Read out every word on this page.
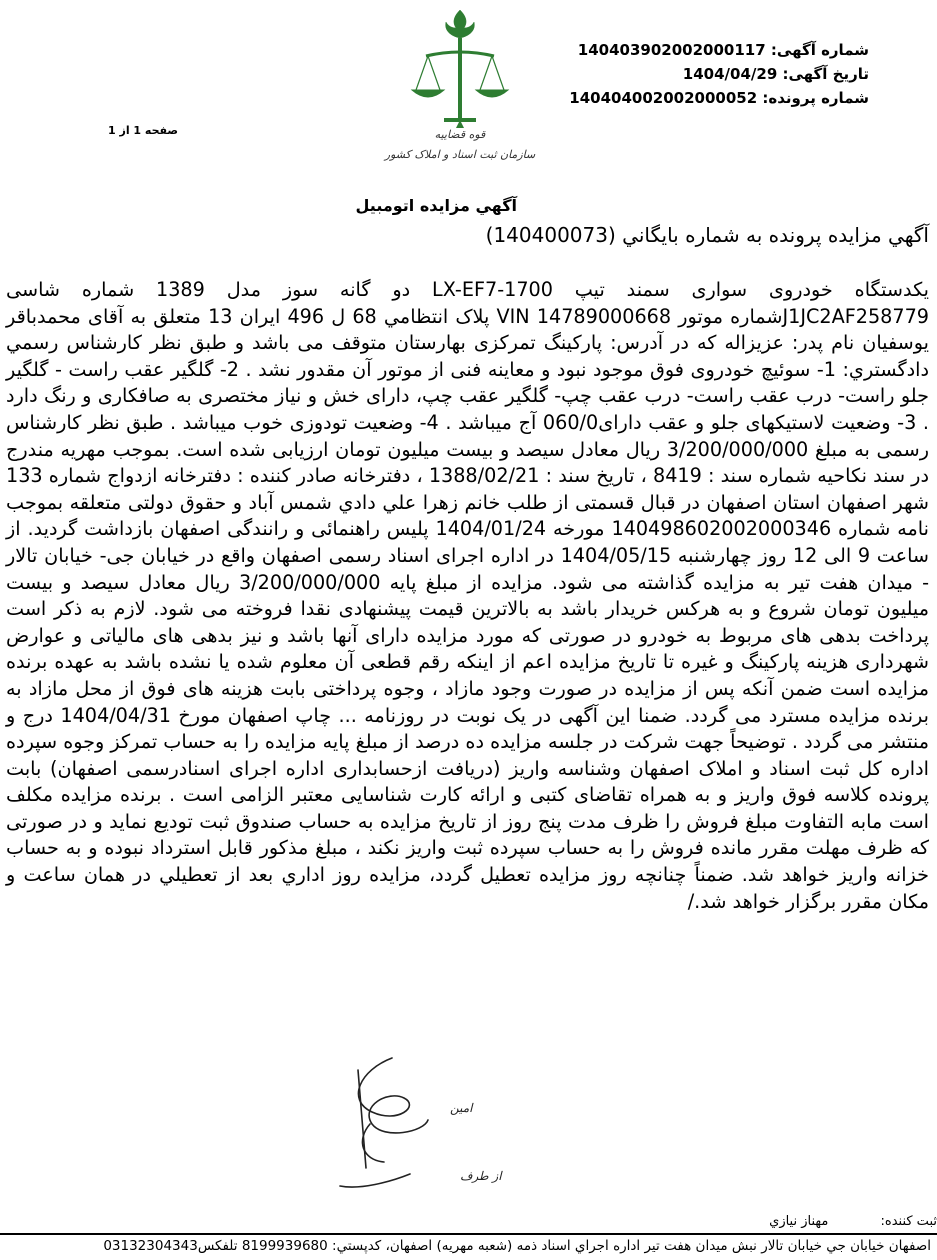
شماره آگهی: 140403902002000117
تاریخ آگهی: 1404/04/29
شماره پرونده: 140404002002000052
صفحه 1 از 1	قوه قضاییه
سازمان ثبت اسناد و املاک کشور
آگهي مزايده اتومبيل
آگهي مزايده پرونده به شماره بايگاني (140400073)
يکدستگاه خودروی سواری سمند تيپ LX-EF7-1700 دو گانه سوز مدل 1389 شماره شاسی J1JC2AF258779شماره موتور 14789000668 VIN پلاک انتظامي 68 ل 496 ايران 13 متعلق به آقای محمدباقر يوسفيان نام پدر: عزيزاله که در آدرس: پارکينگ تمرکزی بهارستان متوقف می باشد و طبق نظر کارشناس رسمي دادگستري: 1- سوئيچ خودروی فوق موجود نبود و معاينه فنی از موتور آن مقدور نشد . 2- گلگير عقب راست - گلگير جلو راست- درب عقب راست- درب عقب چپ- گلگير عقب چپ، دارای خش و نياز مختصری به صافکاری و رنگ دارد . 3- وضعيت لاستيکهای جلو و عقب دارای060/0 آج ميباشد . 4- وضعيت تودوزی خوب ميباشد . طبق نظر کارشناس رسمی به مبلغ 3/200/000/000 ريال معادل سيصد و بيست ميليون تومان ارزيابی شده است. بموجب مهريه مندرج در سند نکاحيه شماره سند : 8419 ، تاريخ سند : 1388/02/21 ، دفترخانه صادر کننده : دفترخانه ازدواج شماره 133 شهر اصفهان استان اصفهان در قبال قسمتی از طلب خانم زهرا علي دادي شمس آباد و حقوق دولتی متعلقه بموجب نامه شماره 140498602002000346 مورخه 1404/01/24 پليس راهنمائی و رانندگی اصفهان بازداشت گرديد. از ساعت 9 الی 12 روز چهارشنبه 1404/05/15 در اداره اجرای اسناد رسمی اصفهان واقع در خيابان جی- خيابان تالار - ميدان هفت تير به مزايده گذاشته می شود. مزايده از مبلغ پايه 3/200/000/000 ريال معادل سيصد و بيست ميليون تومان شروع و به هرکس خريدار باشد به بالاترين قيمت پيشنهادی نقدا فروخته می شود. لازم به ذکر است پرداخت بدهی های مربوط به خودرو در صورتی که مورد مزايده دارای آنها باشد و نيز بدهی های مالياتی و عوارض شهرداری هزينه پارکينگ و غيره تا تاريخ مزايده اعم از اينکه رقم قطعی آن معلوم شده يا نشده باشد به عهده برنده مزايده است ضمن آنکه پس از مزايده در صورت وجود مازاد ، وجوه پرداختی بابت هزينه های فوق از محل مازاد به برنده مزايده مسترد می گردد. ضمنا اين آگهی در يک نوبت در روزنامه ... چاپ اصفهان مورخ 1404/04/31 درج و منتشر می گردد . توضيحاً جهت شرکت در جلسه مزايده ده درصد از مبلغ پايه مزايده را به حساب تمرکز وجوه سپرده اداره کل ثبت اسناد و املاک اصفهان وشناسه واريز (دريافت ازحسابداری اداره اجرای اسنادرسمی اصفهان) بابت پرونده کلاسه فوق واريز و به همراه تقاضای کتبی و ارائه کارت شناسايی معتبر الزامی است . برنده مزايده مکلف است مابه التفاوت مبلغ فروش را ظرف مدت پنج روز از تاريخ مزايده به حساب صندوق ثبت توديع نمايد و در صورتی که ظرف مهلت مقرر مانده فروش را به حساب سپرده ثبت واريز نکند ، مبلغ مذکور قابل استرداد نبوده و به حساب خزانه واريز خواهد شد. ضمناً چنانچه روز مزايده تعطيل گردد، مزايده روز اداري بعد از تعطيلي در همان ساعت و مکان مقرر برگزار خواهد شد./
امین
از طرف
ثبت کننده: مهناز نيازي
اصفهان خيابان جي خيابان تالار نبش ميدان هفت تير اداره اجراي اسناد ذمه (شعبه مهريه) اصفهان، کدپستي: 8199939680 تلفکس03132304343
